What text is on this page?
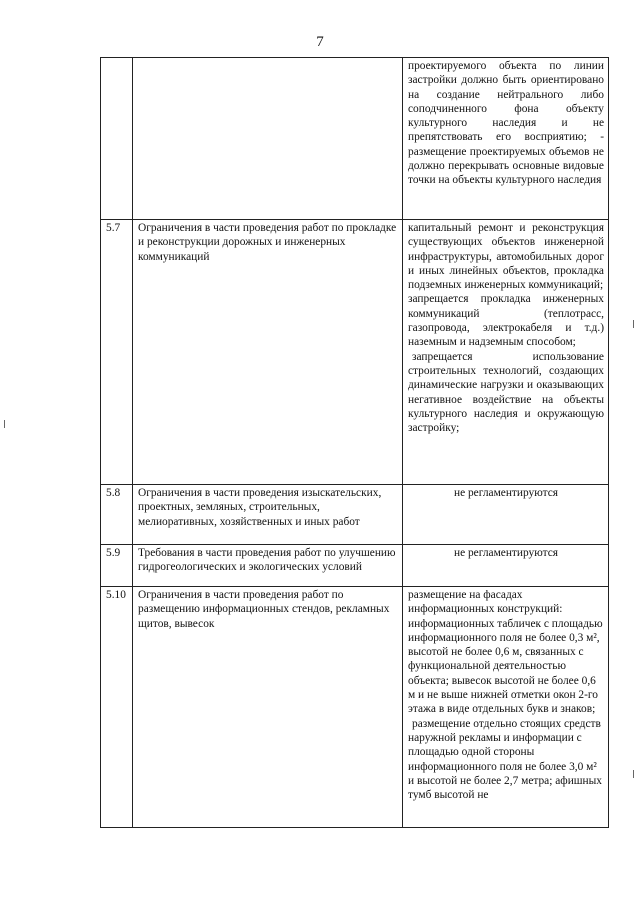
7
		проектируемого объекта по линии застройки должно быть ориентировано на создание нейтрального либо соподчиненного фона объекту культурного наследия и не препятствовать его восприятию; - размещение проектируемых объемов не должно перекрывать основные видовые точки на объекты культурного наследия
5.7	Ограничения в части проведения работ по прокладке и реконструкции дорожных и инженерных коммуникаций	капитальный ремонт и реконструкция существующих объектов инженерной инфраструктуры, автомобильных дорог и иных линейных объектов, прокладка подземных инженерных коммуникаций;

запрещается прокладка инженерных коммуникаций (теплотрасс, газопровода, электрокабеля и т.д.) наземным и надземным способом;

запрещается использование строительных технологий, создающих динамические нагрузки и оказывающих негативное воздействие на объекты культурного наследия и окружающую застройку;

5.8	Ограничения в части проведения изыскательских, проектных, земляных, строительных, мелиоративных, хозяйственных и иных работ	не регламентируются
5.9	Требования в части проведения работ по улучшению гидрогеологических и экологических условий	не регламентируются
5.10	Ограничения в части проведения работ по размещению информационных стендов, рекламных щитов, вывесок	размещение на фасадах информационных конструкций: информационных табличек с площадью информационного поля не более 0,3 м², высотой не более 0,6 м, связанных с функциональной деятельностью объекта; вывесок высотой не более 0,6 м и не выше нижней отметки окон 2-го этажа в виде отдельных букв и знаков;

размещение отдельно стоящих средств наружной рекламы и информации с площадью одной стороны информационного поля не более 3,0 м² и высотой не более 2,7 метра; афишных тумб высотой не
